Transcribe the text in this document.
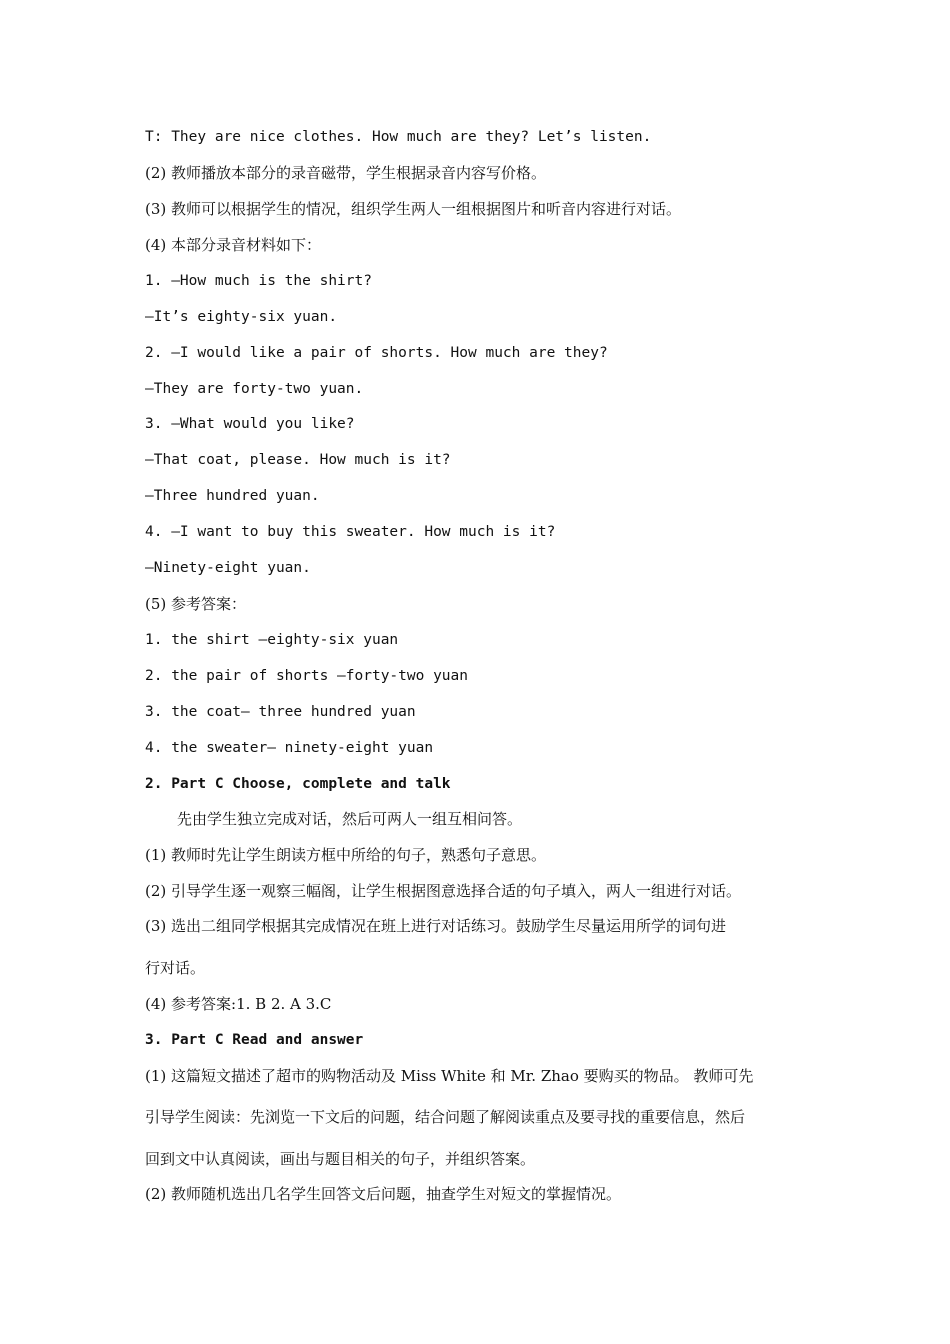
T: They are nice clothes. How much are they? Let’s listen.
(2) 教师播放本部分的录音磁带，学生根据录音内容写价格。
(3) 教师可以根据学生的情况，组织学生两人一组根据图片和听音内容进行对话。
(4) 本部分录音材料如下：
1. —How much is the shirt?
—It’s eighty-six yuan.
2. —I would like a pair of shorts. How much are they?
—They are forty-two yuan.
3. —What would you like?
—That coat, please. How much is it?
—Three hundred yuan.
4. —I want to buy this sweater. How much is it?
—Ninety-eight yuan.
(5) 参考答案：
1. the shirt —eighty-six yuan
2. the pair of shorts —forty-two yuan
3. the coat— three hundred yuan
4. the sweater— ninety-eight yuan
2. Part C Choose, complete and talk
先由学生独立完成对话，然后可两人一组互相问答。
(1) 教师时先让学生朗读方框中所给的句子，熟悉句子意思。
(2) 引导学生逐一观察三幅阁，让学生根据图意选择合适的句子填入，两人一组进行对话。
(3) 选出二组同学根据其完成情况在班上进行对话练习。鼓励学生尽量运用所学的词句进
行对话。
(4) 参考答案:1. B 2. A 3.C
3. Part C Read and answer
(1) 这篇短文描述了超市的购物活动及 Miss White 和 Mr. Zhao 要购买的物品。 教师可先
引导学生阅读：先浏览一下文后的问题，结合问题了解阅读重点及要寻找的重要信息，然后
回到文中认真阅读，画出与题目相关的句子，并组织答案。
(2) 教师随机选出几名学生回答文后问题，抽查学生对短文的掌握情况。
